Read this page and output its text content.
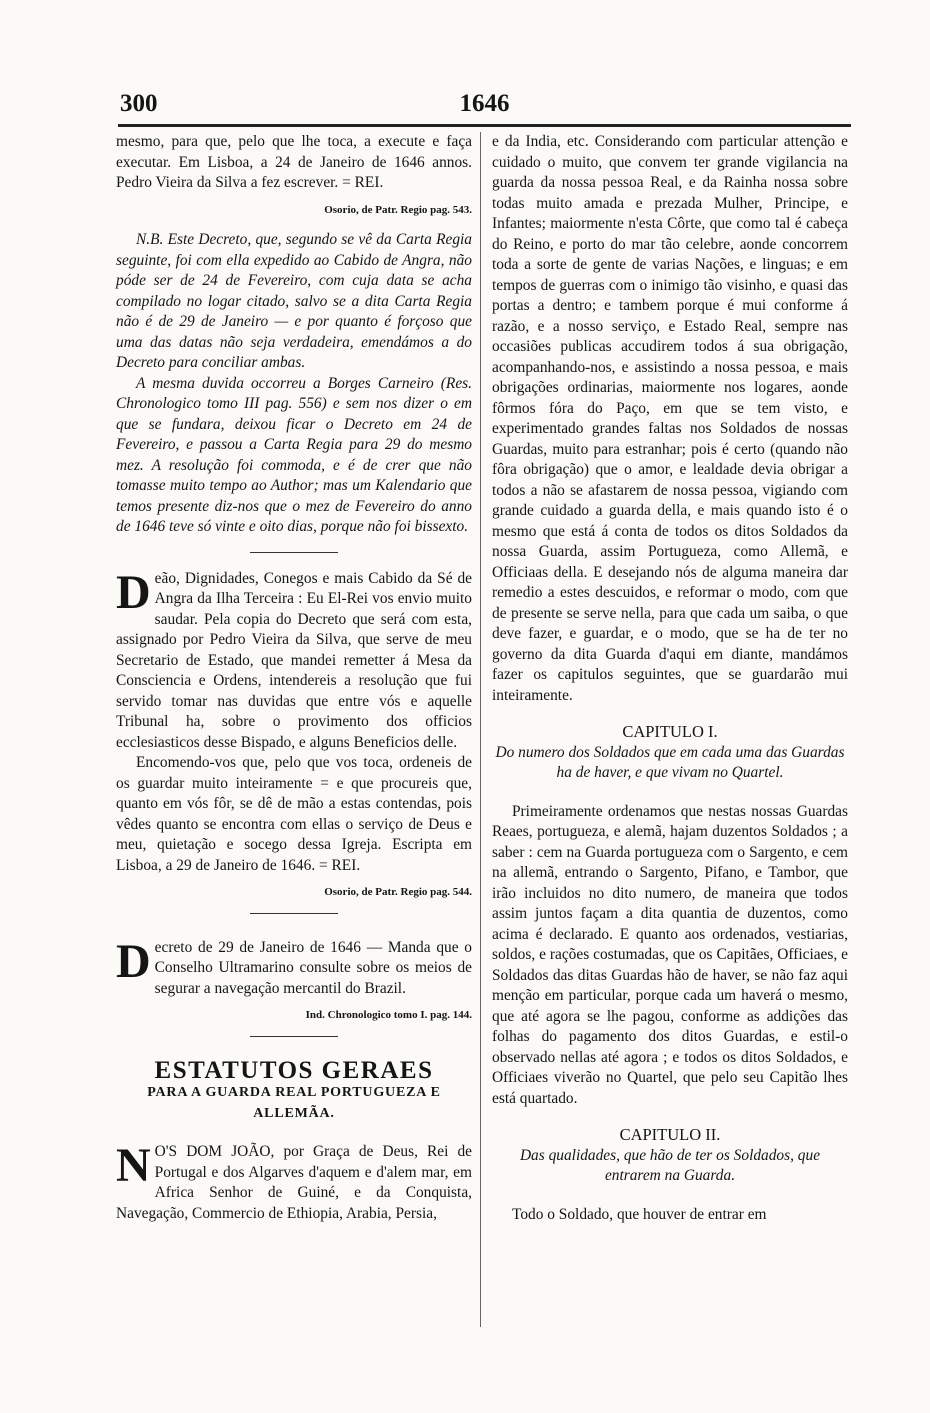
300	1646

mesmo, para que, pelo que lhe toca, a execute e faça executar. Em Lisboa, a 24 de Janeiro de 1646 annos. Pedro Vieira da Silva a fez escrever. = REI.

Osorio, de Patr. Regio pag. 543.

N.B. Este Decreto, que, segundo se vê da Carta Regia seguinte, foi com ella expedido ao Cabido de Angra, não póde ser de 24 de Fevereiro, com cuja data se acha compilado no logar citado, salvo se a dita Carta Regia não é de 29 de Janeiro — e por quanto é forçoso que uma das datas não seja verdadeira, emendámos a do Decreto para conciliar ambas.

A mesma duvida occorreu a Borges Carneiro (Res. Chronologico tomo III pag. 556) e sem nos dizer o em que se fundara, deixou ficar o Decreto em 24 de Fevereiro, e passou a Carta Regia para 29 do mesmo mez. A resolução foi commoda, e é de crer que não tomasse muito tempo ao Author; mas um Kalendario que temos presente diz-nos que o mez de Fevereiro do anno de 1646 teve só vinte e oito dias, porque não foi bissexto.

Deão, Dignidades, Conegos e mais Cabido da Sé de Angra da Ilha Terceira : Eu El-Rei vos envio muito saudar. Pela copia do Decreto que será com esta, assignado por Pedro Vieira da Silva, que serve de meu Secretario de Estado, que mandei remetter á Mesa da Consciencia e Ordens, intendereis a resolução que fui servido tomar nas duvidas que entre vós e aquelle Tribunal ha, sobre o provimento dos officios ecclesiasticos desse Bispado, e alguns Beneficios delle.

Encomendo-vos que, pelo que vos toca, ordeneis de os guardar muito inteiramente = e que procureis que, quanto em vós fôr, se dê de mão a estas contendas, pois vêdes quanto se encontra com ellas o serviço de Deus e meu, quietação e socego dessa Igreja. Escripta em Lisboa, a 29 de Janeiro de 1646. = REI.

Osorio, de Patr. Regio pag. 544.

Decreto de 29 de Janeiro de 1646 — Manda que o Conselho Ultramarino consulte sobre os meios de segurar a navegação mercantil do Brazil.

Ind. Chronologico tomo I. pag. 144.
ESTATUTOS GERAES
PARA A GUARDA REAL PORTUGUEZA E ALLEMÃA.

N O'S DOM JOÃO, por Graça de Deus, Rei de Portugal e dos Algarves d'aquem e d'alem mar, em Africa Senhor de Guiné, e da Conquista, Navegação, Commercio de Ethiopia, Arabia, Persia,

e da India, etc. Considerando com particular attenção e cuidado o muito, que convem ter grande vigilancia na guarda da nossa pessoa Real, e da Rainha nossa sobre todas muito amada e prezada Mulher, Principe, e Infantes; maiormente n'esta Côrte, que como tal é cabeça do Reino, e porto do mar tão celebre, aonde concorrem toda a sorte de gente de varias Nações, e linguas; e em tempos de guerras com o inimigo tão visinho, e quasi das portas a dentro; e tambem porque é mui conforme á razão, e a nosso serviço, e Estado Real, sempre nas occasiões publicas accudirem todos á sua obrigação, acompanhando-nos, e assistindo a nossa pessoa, e mais obrigações ordinarias, maiormente nos logares, aonde fôrmos fóra do Paço, em que se tem visto, e experimentado grandes faltas nos Soldados de nossas Guardas, muito para estranhar; pois é certo (quando não fôra obrigação) que o amor, e lealdade devia obrigar a todos a não se afastarem de nossa pessoa, vigiando com grande cuidado a guarda della, e mais quando isto é o mesmo que está á conta de todos os ditos Soldados da nossa Guarda, assim Portugueza, como Allemã, e Officiaas della. E desejando nós de alguma maneira dar remedio a estes descuidos, e reformar o modo, com que de presente se serve nella, para que cada um saiba, o que deve fazer, e guardar, e o modo, que se ha de ter no governo da dita Guarda d'aqui em diante, mandámos fazer os capitulos seguintes, que se guardarão mui inteiramente.

CAPITULO I.
Do numero dos Soldados que em cada uma das Guardas ha de haver, e que vivam no Quartel.

Primeiramente ordenamos que nestas nossas Guardas Reaes, portugueza, e alemã, hajam duzentos Soldados ; a saber : cem na Guarda portugueza com o Sargento, e cem na allemã, entrando o Sargento, Pifano, e Tambor, que irão incluidos no dito numero, de maneira que todos assim juntos façam a dita quantia de duzentos, como acima é declarado. E quanto aos ordenados, vestiarias, soldos, e rações costumadas, que os Capitães, Officiaes, e Soldados das ditas Guardas hão de haver, se não faz aqui menção em particular, porque cada um haverá o mesmo, que até agora se lhe pagou, conforme as addições das folhas do pagamento dos ditos Guardas, e estil-o observado nellas até agora ; e todos os ditos Soldados, e Officiaes viverão no Quartel, que pelo seu Capitão lhes está quartado.

CAPITULO II.
Das qualidades, que hão de ter os Soldados, que entrarem na Guarda.

Todo o Soldado, que houver de entrar em
